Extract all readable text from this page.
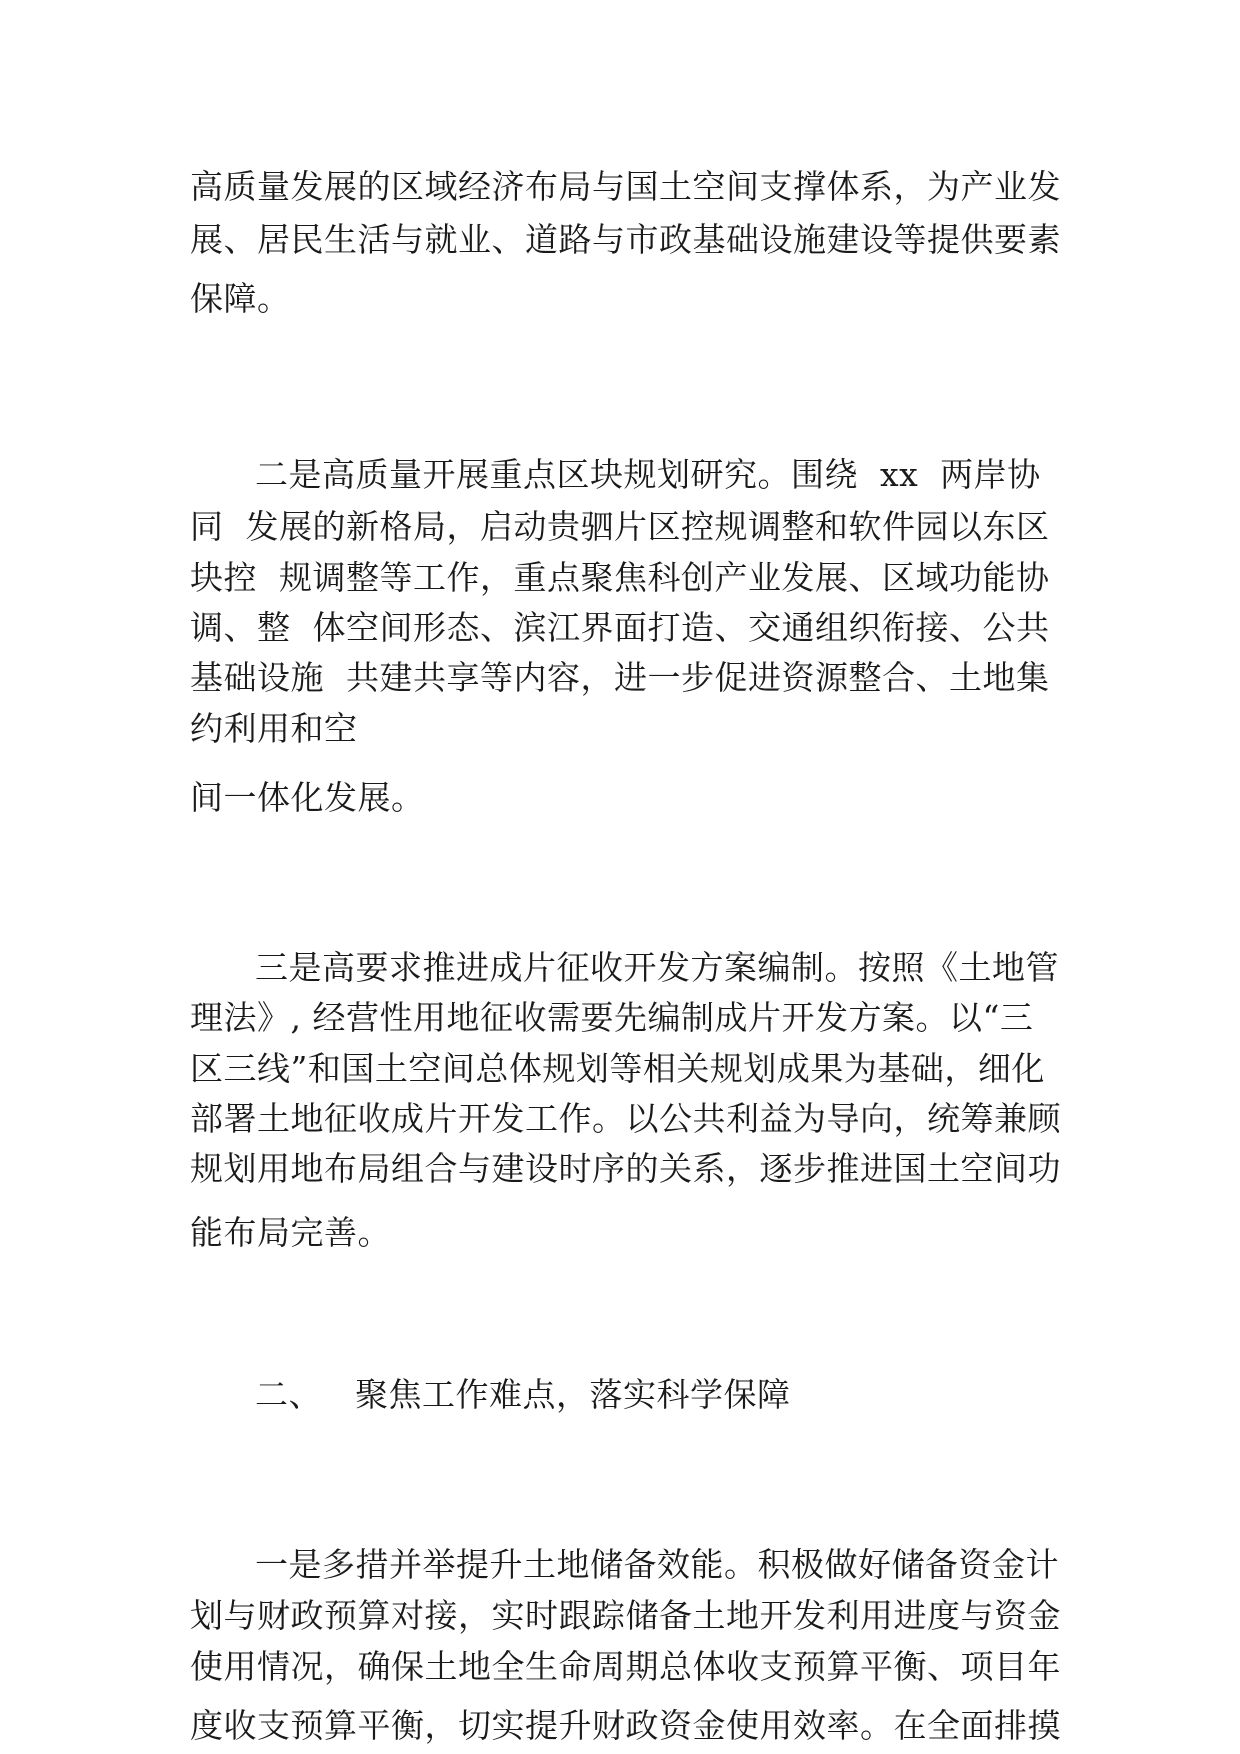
高质量发展的区域经济布局与国土空间支撑体系，为产业发

展、居民生活与就业、道路与市政基础设施建设等提供要素

保障。

二是高质量开展重点区块规划研究。围绕  xx  两岸协

同  发展的新格局，启动贵驷片区控规调整和软件园以东区

块控  规调整等工作，重点聚焦科创产业发展、区域功能协

调、整  体空间形态、滨江界面打造、交通组织衔接、公共

基础设施  共建共享等内容，进一步促进资源整合、土地集

约利用和空

间一体化发展。

三是高要求推进成片征收开发方案编制。按照《土地管

理法》, 经营性用地征收需要先编制成片开发方案。以“三

区三线”和国土空间总体规划等相关规划成果为基础，细化

部署土地征收成片开发工作。以公共利益为导向，统筹兼顾

规划用地布局组合与建设时序的关系，逐步推进国土空间功

能布局完善。

二、   聚焦工作难点，落实科学保障

一是多措并举提升土地储备效能。积极做好储备资金计

划与财政预算对接，实时跟踪储备土地开发利用进度与资金

使用情况，确保土地全生命周期总体收支预算平衡、项目年

度收支预算平衡，切实提升财政资金使用效率。在全面排摸
